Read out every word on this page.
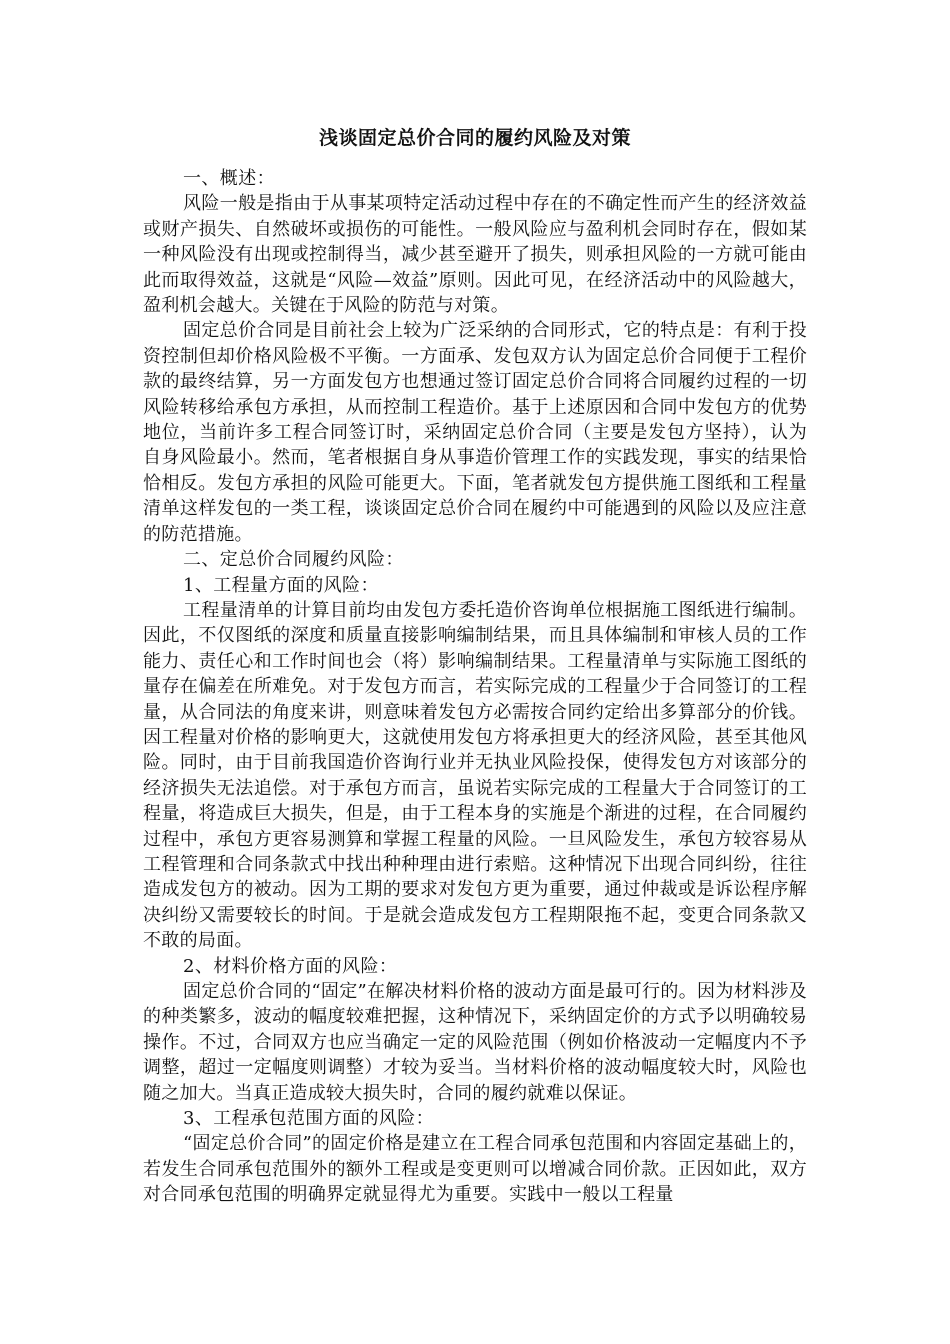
浅谈固定总价合同的履约风险及对策

一、概述：

风险一般是指由于从事某项特定活动过程中存在的不确定性而产生的经济效益或财产损失、自然破坏或损伤的可能性。一般风险应与盈利机会同时存在，假如某一种风险没有出现或控制得当，减少甚至避开了损失，则承担风险的一方就可能由此而取得效益，这就是“风险—效益”原则。因此可见，在经济活动中的风险越大，盈利机会越大。关键在于风险的防范与对策。

固定总价合同是目前社会上较为广泛采纳的合同形式，它的特点是：有利于投资控制但却价格风险极不平衡。一方面承、发包双方认为固定总价合同便于工程价款的最终结算，另一方面发包方也想通过签订固定总价合同将合同履约过程的一切风险转移给承包方承担，从而控制工程造价。基于上述原因和合同中发包方的优势地位，当前许多工程合同签订时，采纳固定总价合同（主要是发包方坚持），认为自身风险最小。然而，笔者根据自身从事造价管理工作的实践发现，事实的结果恰恰相反。发包方承担的风险可能更大。下面，笔者就发包方提供施工图纸和工程量清单这样发包的一类工程，谈谈固定总价合同在履约中可能遇到的风险以及应注意的防范措施。

二、定总价合同履约风险：

1、工程量方面的风险：

工程量清单的计算目前均由发包方委托造价咨询单位根据施工图纸进行编制。因此，不仅图纸的深度和质量直接影响编制结果，而且具体编制和审核人员的工作能力、责任心和工作时间也会（将）影响编制结果。工程量清单与实际施工图纸的量存在偏差在所难免。对于发包方而言，若实际完成的工程量少于合同签订的工程量，从合同法的角度来讲，则意味着发包方必需按合同约定给出多算部分的价钱。因工程量对价格的影响更大，这就使用发包方将承担更大的经济风险，甚至其他风险。同时，由于目前我国造价咨询行业并无执业风险投保，使得发包方对该部分的经济损失无法追偿。对于承包方而言，虽说若实际完成的工程量大于合同签订的工程量，将造成巨大损失，但是，由于工程本身的实施是个渐进的过程，在合同履约过程中，承包方更容易测算和掌握工程量的风险。一旦风险发生，承包方较容易从工程管理和合同条款式中找出种种理由进行索赔。这种情况下出现合同纠纷，往往造成发包方的被动。因为工期的要求对发包方更为重要，通过仲裁或是诉讼程序解决纠纷又需要较长的时间。于是就会造成发包方工程期限拖不起，变更合同条款又不敢的局面。

2、材料价格方面的风险：

固定总价合同的“固定”在解决材料价格的波动方面是最可行的。因为材料涉及的种类繁多，波动的幅度较难把握，这种情况下，采纳固定价的方式予以明确较易操作。不过，合同双方也应当确定一定的风险范围（例如价格波动一定幅度内不予调整，超过一定幅度则调整）才较为妥当。当材料价格的波动幅度较大时，风险也随之加大。当真正造成较大损失时，合同的履约就难以保证。

3、工程承包范围方面的风险：

“固定总价合同”的固定价格是建立在工程合同承包范围和内容固定基础上的，若发生合同承包范围外的额外工程或是变更则可以增减合同价款。正因如此，双方对合同承包范围的明确界定就显得尤为重要。实践中一般以工程量
